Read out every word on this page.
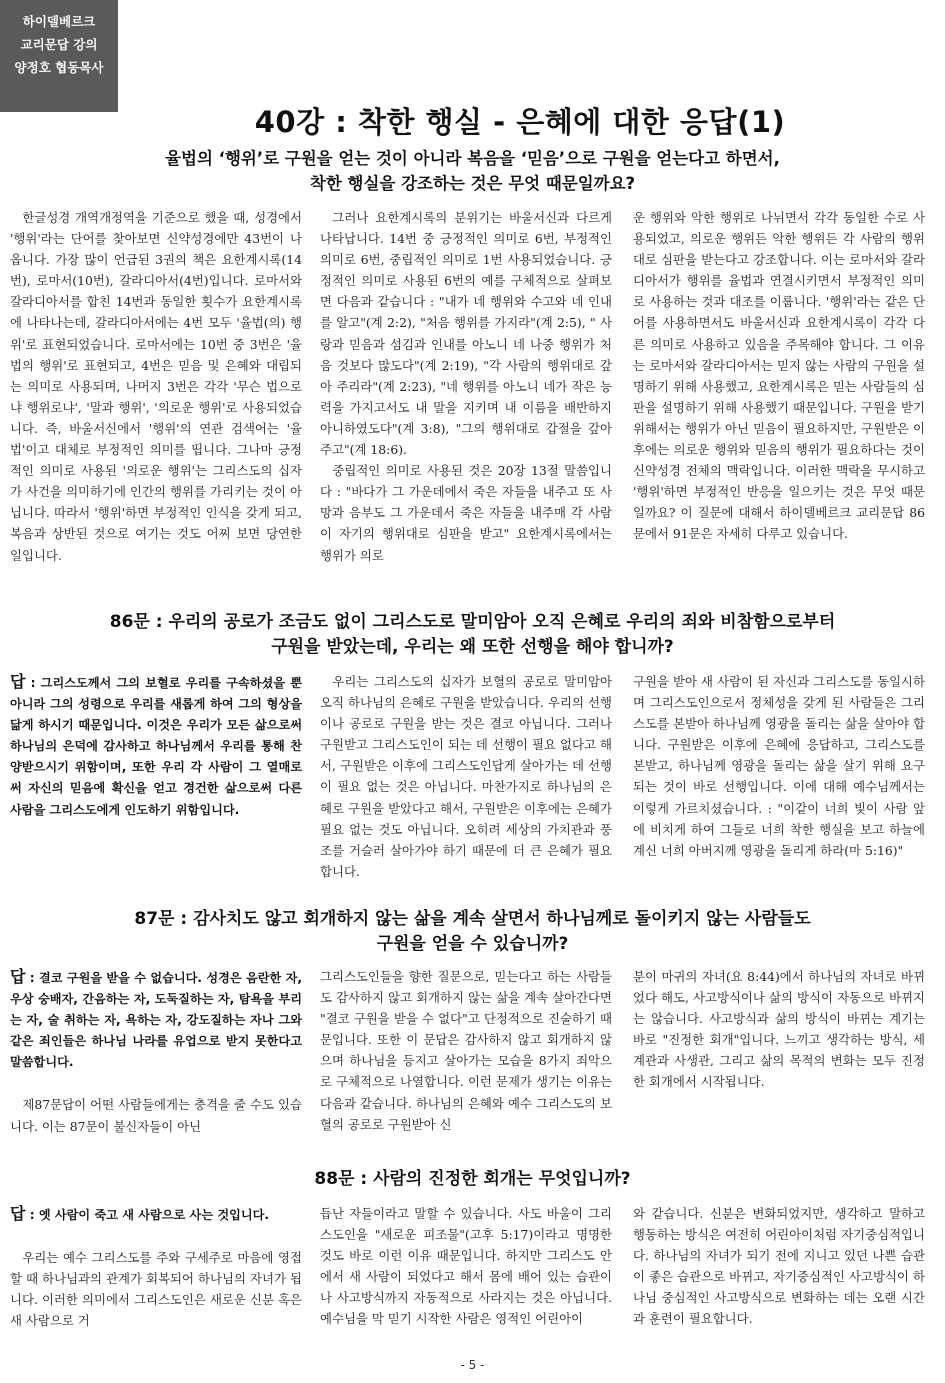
하이델베르크
교리문답 강의
양정호 협동목사
40강 : 착한 행실 - 은혜에 대한 응답(1)
율법의 ‘행위’로 구원을 얻는 것이 아니라 복음을 ‘믿음’으로 구원을 얻는다고 하면서,
착한 행실을 강조하는 것은 무엇 때문일까요?

한글성경 개역개정역을 기준으로 했을 때, 성경에서 '행위'라는 단어를 찾아보면 신약성경에만 43번이 나옵니다. 가장 많이 언급된 3권의 책은 요한계시록(14번), 로마서(10번), 갈라디아서(4번)입니다. 로마서와 갈라디아서를 합친 14번과 동일한 횟수가 요한계시록에 나타나는데, 갈라디아서에는 4번 모두 '율법(의) 행위'로 표현되었습니다. 로마서에는 10번 중 3번은 '율법의 행위'로 표현되고, 4번은 믿음 및 은혜와 대립되는 의미로 사용되며, 나머지 3번은 각각 '무슨 법으로냐 행위로냐', '말과 행위', '의로운 행위'로 사용되었습니다. 즉, 바울서신에서 '행위'의 연관 검색어는 '율법'이고 대체로 부정적인 의미를 띱니다. 그나마 긍정적인 의미로 사용된 '의로운 행위'는 그리스도의 십자가 사건을 의미하기에 인간의 행위를 가리키는 것이 아닙니다. 따라서 '행위'하면 부정적인 인식을 갖게 되고, 복음과 상반된 것으로 여기는 것도 어찌 보면 당연한 일입니다.

그러나 요한계시록의 분위기는 바울서신과 다르게 나타납니다. 14번 중 긍정적인 의미로 6번, 부정적인 의미로 6번, 중립적인 의미로 1번 사용되었습니다. 긍정적인 의미로 사용된 6번의 예를 구체적으로 살펴보면 다음과 같습니다 : "내가 네 행위와 수고와 네 인내를 알고"(계 2:2), "처음 행위를 가지라"(계 2:5), " 사랑과 믿음과 섬김과 인내를 아노니 네 나중 행위가 처음 것보다 많도다"(계 2:19), "각 사람의 행위대로 갚아 주리라"(계 2:23), "네 행위를 아노니 네가 작은 능력을 가지고서도 내 말을 지키며 내 이름을 배반하지 아니하였도다"(계 3:8), "그의 행위대로 갑절을 갚아 주고"(계 18:6).

중립적인 의미로 사용된 것은 20장 13절 말씀입니다 : "바다가 그 가운데에서 죽은 자들을 내주고 또 사망과 음부도 그 가운데서 죽은 자들을 내주매 각 사람이 자기의 행위대로 심판을 받고" 요한계시록에서는 행위가 의로

운 행위와 악한 행위로 나뉘면서 각각 동일한 수로 사용되었고, 의로운 행위든 악한 행위든 각 사람의 행위대로 심판을 받는다고 강조합니다. 이는 로마서와 갈라디아서가 행위를 율법과 연결시키면서 부정적인 의미로 사용하는 것과 대조를 이룹니다. '행위'라는 같은 단어를 사용하면서도 바울서신과 요한계시록이 각각 다른 의미로 사용하고 있음을 주목해야 합니다. 그 이유는 로마서와 갈라디아서는 믿지 않는 사람의 구원을 설명하기 위해 사용했고, 요한계시록은 믿는 사람들의 심판을 설명하기 위해 사용했기 때문입니다. 구원을 받기 위해서는 행위가 아닌 믿음이 필요하지만, 구원받은 이후에는 의로운 행위와 믿음의 행위가 필요하다는 것이 신약성경 전체의 맥락입니다. 이러한 맥락을 무시하고 '행위'하면 부정적인 반응을 일으키는 것은 무엇 때문일까요? 이 질문에 대해서 하이델베르크 교리문답 86문에서 91문은 자세히 다루고 있습니다.

86문 : 우리의 공로가 조금도 없이 그리스도로 말미암아 오직 은혜로 우리의 죄와 비참함으로부터
구원을 받았는데, 우리는 왜 또한 선행을 해야 합니까?
답 : 그리스도께서 그의 보혈로 우리를 구속하셨을 뿐 아니라 그의 성령으로 우리를 새롭게 하여 그의 형상을 닮게 하시기 때문입니다. 이것은 우리가 모든 삶으로써 하나님의 은덕에 감사하고 하나님께서 우리를 통해 찬양받으시기 위함이며, 또한 우리 각 사람이 그 열매로써 자신의 믿음에 확신을 얻고 경건한 삶으로써 다른 사람을 그리스도에게 인도하기 위함입니다.

우리는 그리스도의 십자가 보혈의 공로로 말미암아 오직 하나님의 은혜로 구원을 받았습니다. 우리의 선행이나 공로로 구원을 받는 것은 결코 아닙니다. 그러나 구원받고 그리스도인이 되는 데 선행이 필요 없다고 해서, 구원받은 이후에 그리스도인답게 살아가는 데 선행이 필요 없는 것은 아닙니다. 마찬가지로 하나님의 은혜로 구원을 받았다고 해서, 구원받은 이후에는 은혜가 필요 없는 것도 아닙니다. 오히려 세상의 가치관과 풍조를 거슬러 살아가야 하기 때문에 더 큰 은혜가 필요합니다.

구원을 받아 새 사람이 된 자신과 그리스도를 동일시하며 그리스도인으로서 정체성을 갖게 된 사람들은 그리스도를 본받아 하나님께 영광을 돌리는 삶을 살아야 합니다. 구원받은 이후에 은혜에 응답하고, 그리스도를 본받고, 하나님께 영광을 돌리는 삶을 살기 위해 요구되는 것이 바로 선행입니다. 이에 대해 예수님께서는 이렇게 가르치셨습니다. : "이같이 너희 빛이 사람 앞에 비치게 하여 그들로 너희 착한 행실을 보고 하늘에 계신 너희 아버지께 영광을 돌리게 하라(마 5:16)"

87문 : 감사치도 않고 회개하지 않는 삶을 계속 살면서 하나님께로 돌이키지 않는 사람들도
구원을 얻을 수 있습니까?
답 : 결코 구원을 받을 수 없습니다. 성경은 음란한 자, 우상 숭배자, 간음하는 자, 도둑질하는 자, 탐욕을 부리는 자, 술 취하는 자, 욕하는 자, 강도질하는 자나 그와 같은 죄인들은 하나님 나라를 유업으로 받지 못한다고 말씀합니다.

제87문답이 어떤 사람들에게는 충격을 줄 수도 있습니다. 이는 87문이 불신자들이 아닌

그리스도인들을 향한 질문으로, 믿는다고 하는 사람들도 감사하지 않고 회개하지 않는 삶을 계속 살아간다면 "결코 구원을 받을 수 없다"고 단정적으로 진술하기 때문입니다. 또한 이 문답은 감사하지 않고 회개하지 않으며 하나님을 등지고 살아가는 모습을 8가지 죄악으로 구체적으로 나열합니다. 이런 문제가 생기는 이유는 다음과 같습니다. 하나님의 은혜와 예수 그리스도의 보혈의 공로로 구원받아 신

분이 마귀의 자녀(요 8:44)에서 하나님의 자녀로 바뀌었다 해도, 사고방식이나 삶의 방식이 자동으로 바뀌지는 않습니다. 사고방식과 삶의 방식이 바뀌는 계기는 바로 "진정한 회개"입니다. 느끼고 생각하는 방식, 세계관과 사생관, 그리고 삶의 목적의 변화는 모두 진정한 회개에서 시작됩니다.

88문 : 사람의 진정한 회개는 무엇입니까?
답 : 옛 사람이 죽고 새 사람으로 사는 것입니다.

우리는 예수 그리스도를 주와 구세주로 마음에 영접할 때 하나님과의 관계가 회복되어 하나님의 자녀가 됩니다. 이러한 의미에서 그리스도인은 새로운 신분 혹은 새 사람으로 거

듭난 자들이라고 말할 수 있습니다. 사도 바울이 그리스도인을 "새로운 피조물"(고후 5:17)이라고 명명한 것도 바로 이런 이유 때문입니다. 하지만 그리스도 안에서 새 사람이 되었다고 해서 몸에 배어 있는 습관이나 사고방식까지 자동적으로 사라지는 것은 아닙니다. 예수님을 막 믿기 시작한 사람은 영적인 어린아이

와 같습니다. 신분은 변화되었지만, 생각하고 말하고 행동하는 방식은 여전히 어린아이처럼 자기중심적입니다. 하나님의 자녀가 되기 전에 지니고 있던 나쁜 습관이 좋은 습관으로 바뀌고, 자기중심적인 사고방식이 하나님 중심적인 사고방식으로 변화하는 데는 오랜 시간과 훈련이 필요합니다.

- 5 -
